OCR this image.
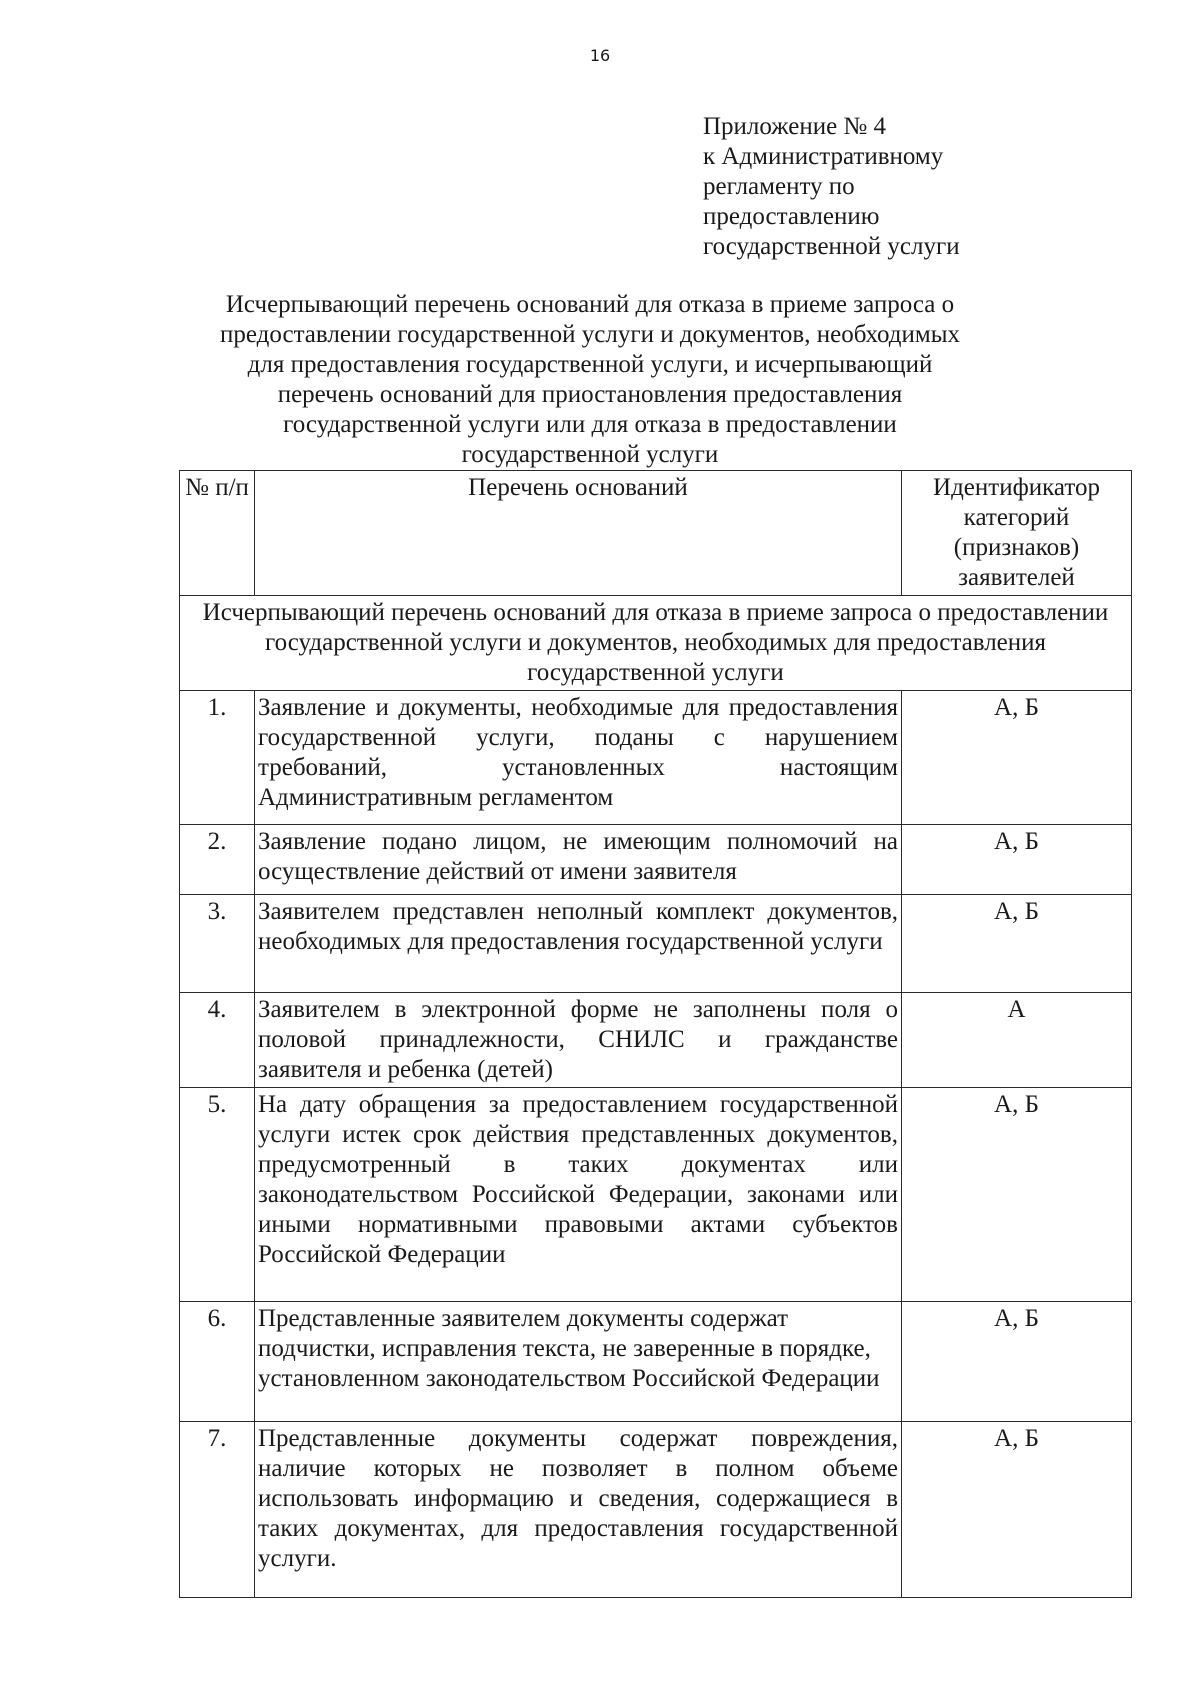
16
Приложение № 4
к Административному
регламенту по
предоставлению
государственной услуги
Исчерпывающий перечень оснований для отказа в приеме запроса о
предоставлении государственной услуги и документов, необходимых
для предоставления государственной услуги, и исчерпывающий
перечень оснований для приостановления предоставления
государственной услуги или для отказа в предоставлении
государственной услуги
№ п/п	Перечень оснований	Идентификатор категорий (признаков) заявителей
Исчерпывающий перечень оснований для отказа в приеме запроса о предоставлении государственной услуги и документов, необходимых для предоставления государственной услуги		
1.	Заявление и документы, необходимые для предоставления государственной услуги, поданы с нарушением требований, установленных настоящим Административным регламентом	А, Б
2.	Заявление подано лицом, не имеющим полномочий на осуществление действий от имени заявителя	А, Б
3.	Заявителем представлен неполный комплект документов, необходимых для предоставления государственной услуги	А, Б
4.	Заявителем в электронной форме не заполнены поля о половой принадлежности, СНИЛС и гражданстве заявителя и ребенка (детей)	А
5.	На дату обращения за предоставлением государственной услуги истек срок действия представленных документов, предусмотренный в таких документах или законодательством Российской Федерации, законами или иными нормативными правовыми актами субъектов Российской Федерации	А, Б
6.	Представленные заявителем документы содержат подчистки, исправления текста, не заверенные в порядке, установленном законодательством Российской Федерации	А, Б
7.	Представленные документы содержат повреждения, наличие которых не позволяет в полном объеме использовать информацию и сведения, содержащиеся в таких документах, для предоставления государственной услуги.	А, Б
